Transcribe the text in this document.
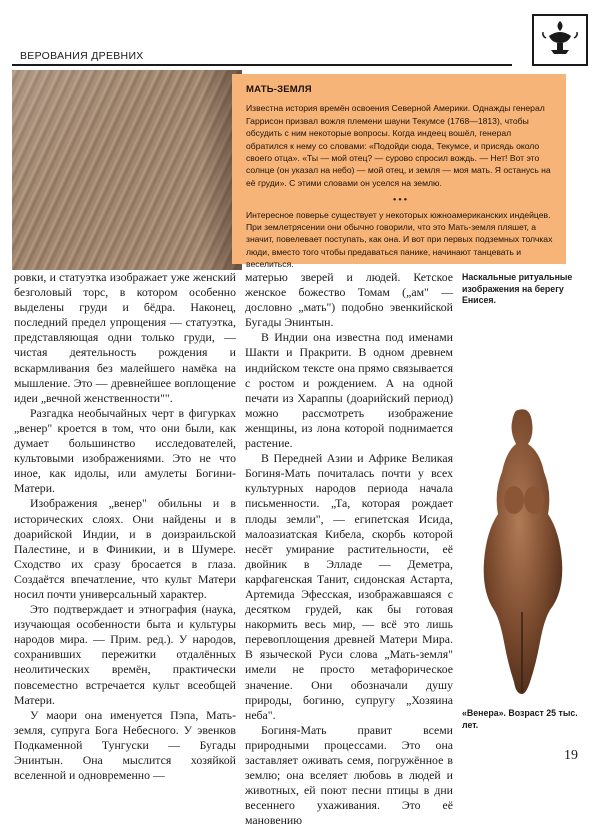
ВЕРОВАНИЯ ДРЕВНИХ
МАТЬ-ЗЕМЛЯ

Известна история времён освоения Северной Америки. Однажды генерал Гаррисон призвал вожля племени шауни Текумсе (1768—1813), чтобы обсудить с ним некоторые вопросы. Когда индеец вошёл, генерал обратился к нему со словами: «Подойди сюда, Текумсе, и присядь около своего отца». «Ты — мой отец? — сурово спросил вождь. — Нет! Вот это солнце (он указал на небо) — мой отец, и земля — моя мать. Я останусь на её груди». С этими словами он уселся на землю.

• • •

Интересное поверье существует у некоторых южноамериканских индейцев. При землетрясении они обычно говорили, что это Мать-земля пляшет, а значит, повелевает поступать, как она. И вот при первых подземных толчках люди, вместо того чтобы предаваться панике, начинают танцевать и веселиться.

Наскальные ритуальные изображения на берегу Енисея.

ровки, и статуэтка изображает уже женский безголовый торс, в котором особенно выделены груди и бёдра. Наконец, последний предел упрощения — статуэтка, представляющая одни только груди, — чистая деятельность рождения и вскармливания без малейшего намёка на мышление. Это — древнейшее воплощение идеи „вечной женственности"".

Разгадка необычайных черт в фигурках „венер" кроется в том, что они были, как думает большинство исследователей, культовыми изображениями. Это не что иное, как идолы, или амулеты Богини-Матери.

Изображения „венер" обильны и в исторических слоях. Они найдены и в доарийской Индии, и в доизраильской Палестине, и в Финикии, и в Шумере. Сходство их сразу бросается в глаза. Создаётся впечатление, что культ Матери носил почти универсальный характер.

Это подтверждает и этнография (наука, изучающая особенности быта и культуры народов мира. — Прим. ред.). У народов, сохранивших пережитки отдалённых неолитических времён, практически повсеместно встречается культ всеобщей Матери.

У маори она именуется Пэпа, Мать-земля, супруга Бога Небесного. У эвенков Подкаменной Тунгуски — Бугады Энинтын. Она мыслится хозяйкой вселенной и одновременно —

матерью зверей и людей. Кетское женское божество Томам („ам" — дословно „мать") подобно эвенкийской Бугады Энинтын.

В Индии она известна под именами Шакти и Пракрити. В одном древнем индийском тексте она прямо связывается с ростом и рождением. А на одной печати из Хараппы (доарийский период) можно рассмотреть изображение женщины, из лона которой поднимается растение.

В Передней Азии и Африке Великая Богиня-Мать почиталась почти у всех культурных народов периода начала письменности. „Та, которая рождает плоды земли", — египетская Исида, малоазиатская Кибела, скорбь которой несёт умирание растительности, её двойник в Элладе — Деметра, карфагенская Танит, сидонская Астарта, Артемида Эфесская, изображавшаяся с десятком грудей, как бы готовая накормить весь мир, — всё это лишь перевоплощения древней Матери Мира. В языческой Руси слова „Мать-земля" имели не просто метафорическое значение. Они обозначали душу природы, богиню, супругу „Хозяина неба".

Богиня-Мать правит всеми природными процессами. Это она заставляет оживать семя, погружённое в землю; она вселяет любовь в людей и животных, ей поют песни птицы в дни весеннего ухаживания. Это её мановению

«Венера». Возраст 25 тыс. лет.
19
